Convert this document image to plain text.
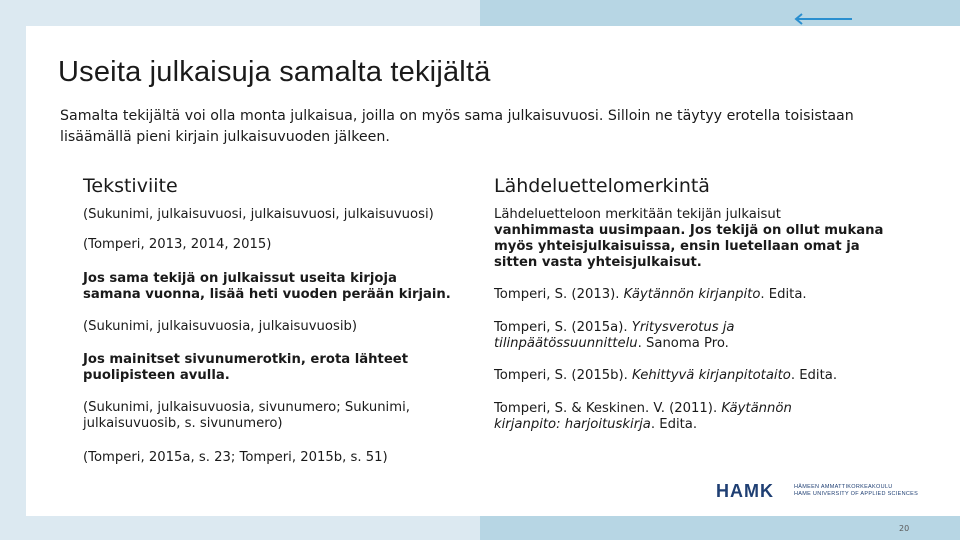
Useita julkaisuja samalta tekijältä

Samalta tekijältä voi olla monta julkaisua, joilla on myös sama julkaisuvuosi. Silloin ne täytyy erotella toisistaan lisäämällä pieni kirjain julkaisuvuoden jälkeen.

Tekstiviite	Lähdeluettelomerkintä

(Sukunimi, julkaisuvuosi, julkaisuvuosi, julkaisuvuosi)

(Tomperi, 2013, 2014, 2015)

Jos sama tekijä on julkaissut useita kirjoja samana vuonna, lisää heti vuoden perään kirjain.

(Sukunimi, julkaisuvuosia, julkaisuvuosib)

Jos mainitset sivunumerotkin, erota lähteet puolipisteen avulla.

(Sukunimi, julkaisuvuosia, sivunumero; Sukunimi, julkaisuvuosib, s. sivunumero)

(Tomperi, 2015a, s. 23; Tomperi, 2015b, s. 51)

Lähdeluetteloon merkitään tekijän julkaisut vanhimmasta uusimpaan. Jos tekijä on ollut mukana myös yhteisjulkaisuissa, ensin luetellaan omat ja sitten vasta yhteisjulkaisut.

Tomperi, S. (2013). Käytännön kirjanpito. Edita.

Tomperi, S. (2015a). Yritysverotus ja tilinpäätössuunnittelu. Sanoma Pro.

Tomperi, S. (2015b). Kehittyvä kirjanpitotaito. Edita.

Tomperi, S. & Keskinen. V. (2011). Käytännön kirjanpito: harjoituskirja. Edita.

HAMK	HÄMEEN AMMATTIKORKEAKOULU
HAME UNIVERSITY OF APPLIED SCIENCES
20
